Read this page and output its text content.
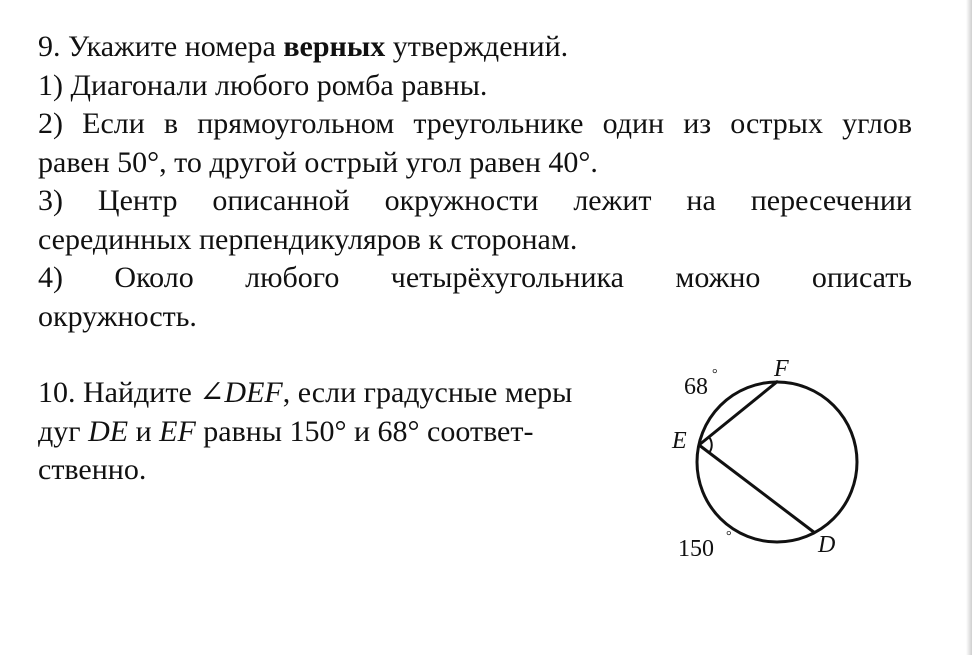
9. Укажите номера верных утверждений.
1) Диагонали любого ромба равны.
2) Если в прямоугольном треугольнике один из острых углов
равен 50°, то другой острый угол равен 40°.
3) Центр описанной окружности лежит на пересечении
серединных перпендикуляров к сторонам.
4) Около любого четырёхугольника можно описать
окружность.
10. Найдите ∠DEF, если градусные меры
дуг DE и EF равны 150° и 68° соответ-
ственно.
E
F
D
68 °
150 °
